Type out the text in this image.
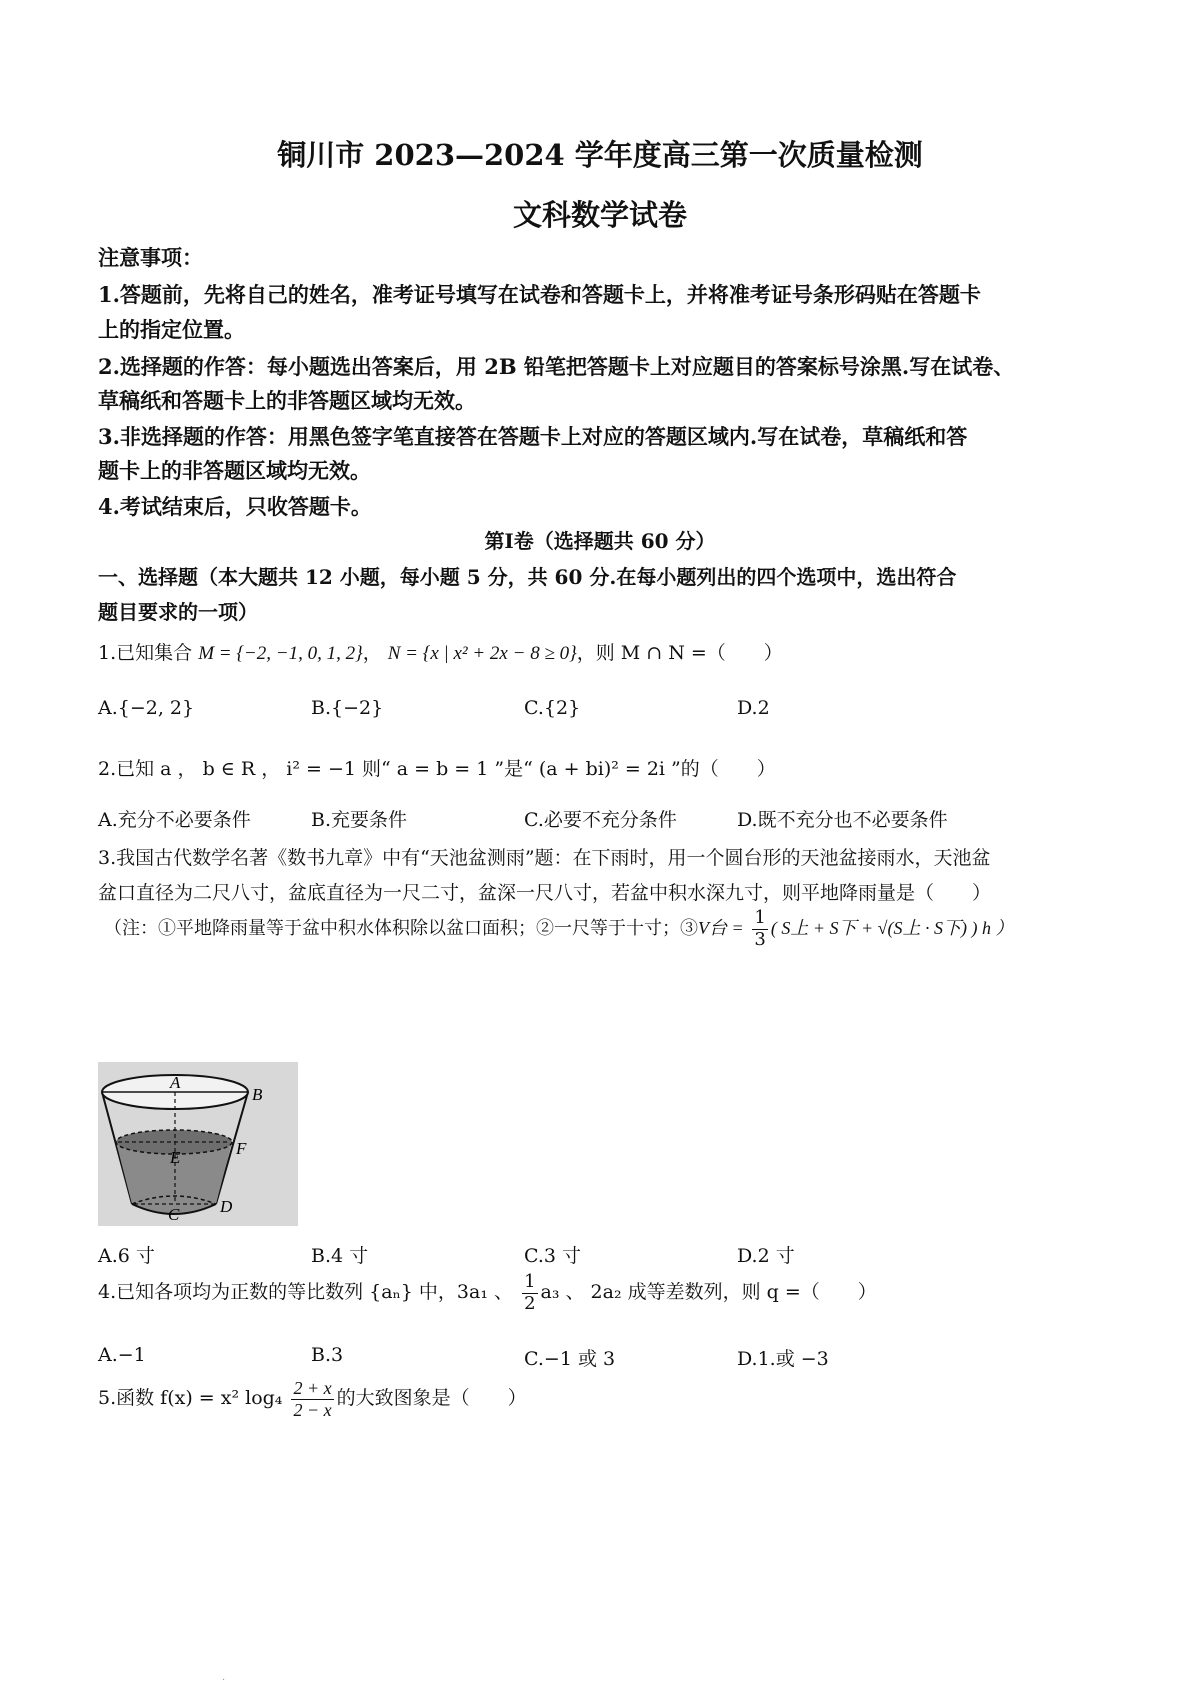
铜川市 2023—2024 学年度高三第一次质量检测
文科数学试卷
注意事项：
1.答题前，先将自己的姓名，准考证号填写在试卷和答题卡上，并将准考证号条形码贴在答题卡
上的指定位置。
2.选择题的作答：每小题选出答案后，用 2B 铅笔把答题卡上对应题目的答案标号涂黑.写在试卷、
草稿纸和答题卡上的非答题区域均无效。
3.非选择题的作答：用黑色签字笔直接答在答题卡上对应的答题区域内.写在试卷，草稿纸和答
题卡上的非答题区域均无效。
4.考试结束后，只收答题卡。
第Ⅰ卷（选择题共 60 分）
一、选择题（本大题共 12 小题，每小题 5 分，共 60 分.在每小题列出的四个选项中，选出符合
题目要求的一项）
1.已知集合 M = {−2, −1, 0, 1, 2}， N = {x | x² + 2x − 8 ≥ 0}，则 M ∩ N =（　　）
A.{−2, 2}	B.{−2}	C.{2}	D.2
2.已知 a ， b ∈ R ， i² = −1 则“ a = b = 1 ”是“ (a + bi)² = 2i ”的（　　）
A.充分不必要条件	B.充要条件	C.必要不充分条件	D.既不充分也不必要条件
3.我国古代数学名著《数书九章》中有“天池盆测雨”题：在下雨时，用一个圆台形的天池盆接雨水，天池盆
盆口直径为二尺八寸，盆底直径为一尺二寸，盆深一尺八寸，若盆中积水深九寸，则平地降雨量是（　　）
（注：①平地降雨量等于盆中积水体积除以盆口面积；②一尺等于十寸；③V台 = $\frac{1}{3}$ ( S上 + S下 + √(S上 · S下) ) h ）
A
B
E	F
C D
A.6 寸	B.4 寸	C.3 寸	D.2 寸
4.已知各项均为正数的等比数列 {aₙ} 中，3a₁ 、 $\frac{1}{2} a_3$ 、 2a₂ 成等差数列，则 q =（　　）
A.−1	B.3	C.−1 或 3	D.1.或 −3
5.函数 f(x) = x² $\log_4 \frac{2 + x}{2 - x}$ 的大致图象是（　　）
.
